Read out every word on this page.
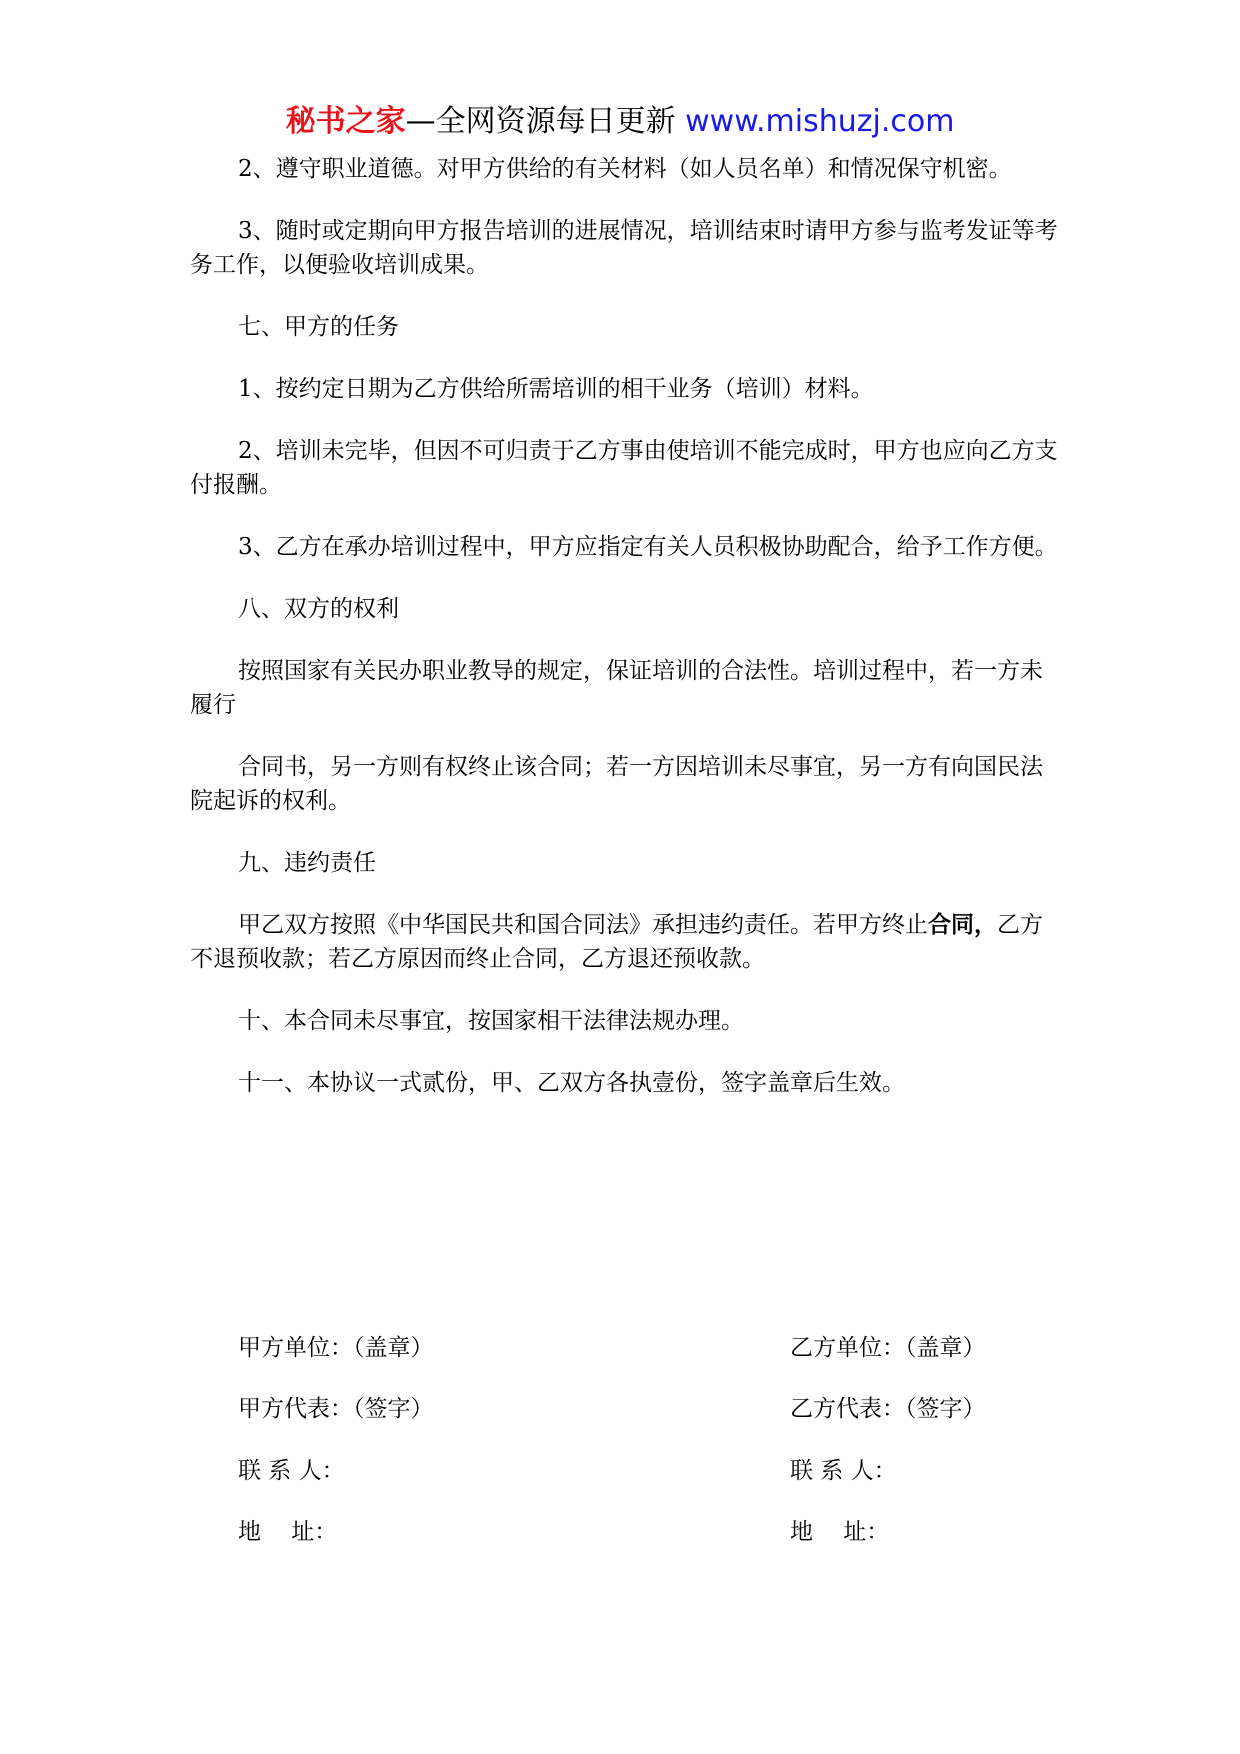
秘书之家—全网资源每日更新 www.mishuzj.com

2、遵守职业道德。对甲方供给的有关材料（如人员名单）和情况保守机密。

3、随时或定期向甲方报告培训的进展情况，培训结束时请甲方参与监考发证等考务工作，以便验收培训成果。

七、甲方的任务

1、按约定日期为乙方供给所需培训的相干业务（培训）材料。

2、培训未完毕，但因不可归责于乙方事由使培训不能完成时，甲方也应向乙方支付报酬。

3、乙方在承办培训过程中，甲方应指定有关人员积极协助配合，给予工作方便。

八、双方的权利

按照国家有关民办职业教导的规定，保证培训的合法性。培训过程中，若一方未履行

合同书，另一方则有权终止该合同；若一方因培训未尽事宜，另一方有向国民法院起诉的权利。

九、违约责任

甲乙双方按照《中华国民共和国合同法》承担违约责任。若甲方终止合同，乙方不退预收款；若乙方原因而终止合同，乙方退还预收款。

十、本合同未尽事宜，按国家相干法律法规办理。

十一、本协议一式贰份，甲、乙双方各执壹份，签字盖章后生效。

甲方单位：（盖章）
甲方代表：（签字）
联 系 人：
地　 址：
乙方单位：（盖章）
乙方代表：（签字）
联 系 人：
地　 址：
